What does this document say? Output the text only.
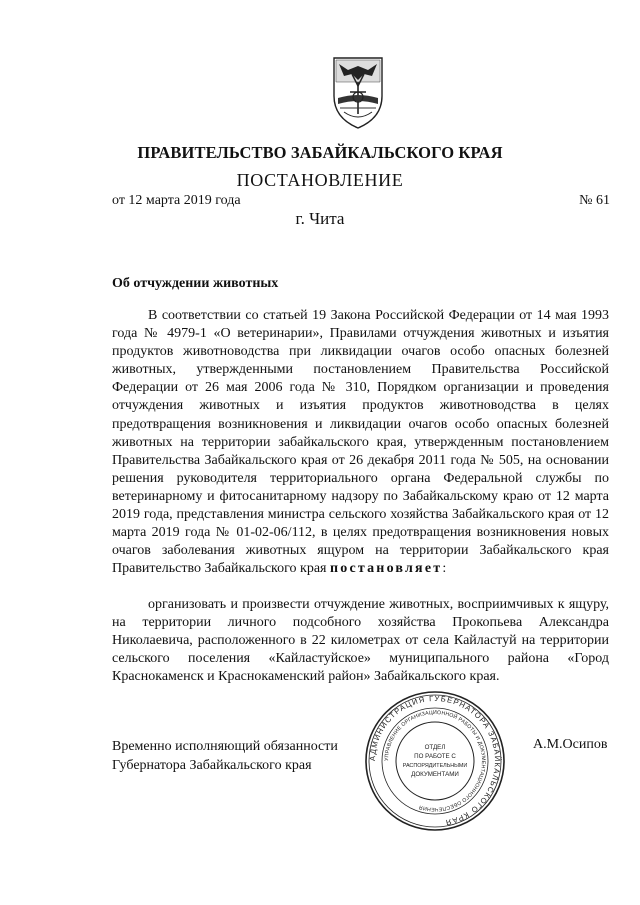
ПРАВИТЕЛЬСТВО ЗАБАЙКАЛЬСКОГО КРАЯ
ПОСТАНОВЛЕНИЕ
от 12 марта 2019 года	№ 61
г. Чита
Об отчуждении животных

В соответствии со статьей 19 Закона Российской Федерации от 14 мая 1993 года № 4979-1 «О ветеринарии», Правилами отчуждения животных и изъятия продуктов животноводства при ликвидации очагов особо опасных болезней животных, утвержденными постановлением Правительства Российской Федерации от 26 мая 2006 года № 310, Порядком организации и проведения отчуждения животных и изъятия продуктов животноводства в целях предотвращения возникновения и ликвидации очагов особо опасных болезней животных на территории забайкальского края, утвержденным постановлением Правительства Забайкальского края от 26 декабря 2011 года № 505, на основании решения руководителя территориального органа Федеральной службы по ветеринарному и фитосанитарному надзору по Забайкальскому краю от 12 марта 2019 года, представления министра сельского хозяйства Забайкальского края от 12 марта 2019 года № 01-02-06/112, в целях предотвращения возникновения новых очагов заболевания животных ящуром на территории Забайкальского края Правительство Забайкальского края постановляет:

организовать и произвести отчуждение животных, восприимчивых к ящуру, на территории личного подсобного хозяйства Прокопьева Александра Николаевича, расположенного в 22 километрах от села Кайластуй на территории сельского поселения «Кайластуйское» муниципального района «Город Краснокаменск и Краснокаменский район» Забайкальского края.

Временно исполняющий обязанности
Губернатора Забайкальского края
АДМИНИСТРАЦИЯ ГУБЕРНАТОРА ЗАБАЙКАЛЬСКОГО КРАЯ
УПРАВЛЕНИЕ ОРГАНИЗАЦИОННОЙ РАБОТЫ И ДОКУМЕНТАЦИОННОГО ОБЕСПЕЧЕНИЯ
ОТДЕЛ
ПО РАБОТЕ С
РАСПОРЯДИТЕЛЬНЫМИ
ДОКУМЕНТАМИ
А.М.Осипов
